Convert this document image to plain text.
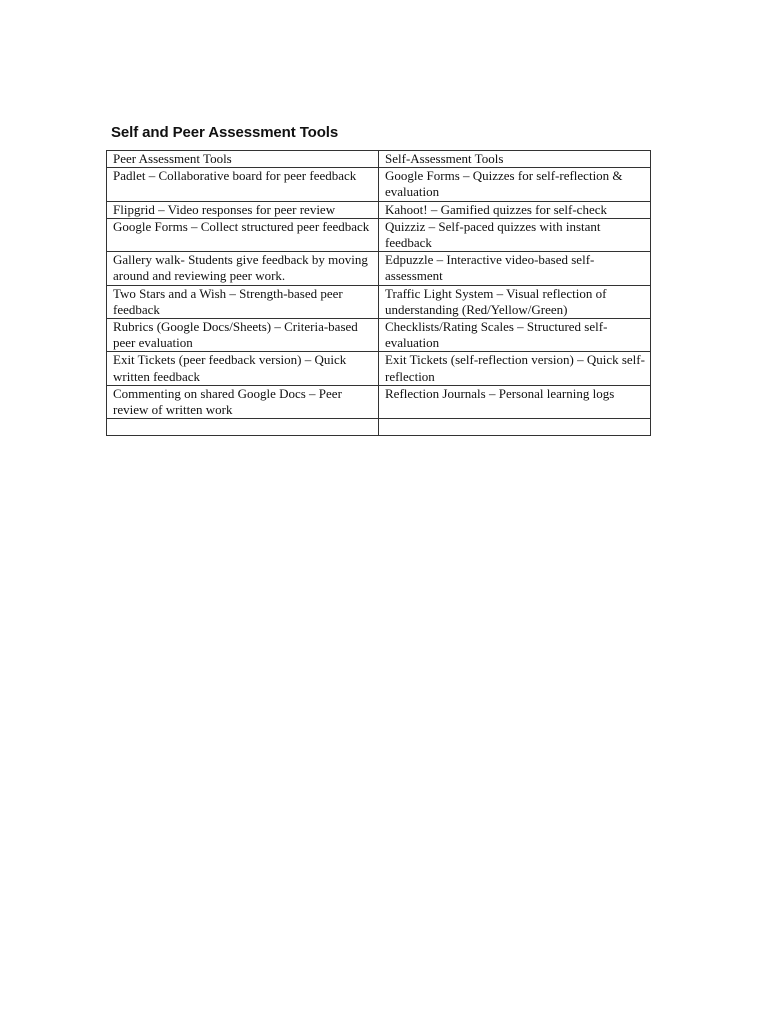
Self and Peer Assessment Tools
Peer Assessment Tools	Self-Assessment Tools
Padlet – Collaborative board for peer feedback	Google Forms – Quizzes for self-reflection & evaluation
Flipgrid – Video responses for peer review	Kahoot! – Gamified quizzes for self-check
Google Forms – Collect structured peer feedback	Quizziz – Self-paced quizzes with instant feedback
Gallery walk- Students give feedback by moving around and reviewing peer work.	Edpuzzle – Interactive video-based self-assessment
Two Stars and a Wish – Strength-based peer feedback	Traffic Light System – Visual reflection of understanding (Red/Yellow/Green)
Rubrics (Google Docs/Sheets) – Criteria-based peer evaluation	Checklists/Rating Scales – Structured self-evaluation
Exit Tickets (peer feedback version) – Quick written feedback	Exit Tickets (self-reflection version) – Quick self-reflection
Commenting on shared Google Docs – Peer review of written work	Reflection Journals – Personal learning logs
